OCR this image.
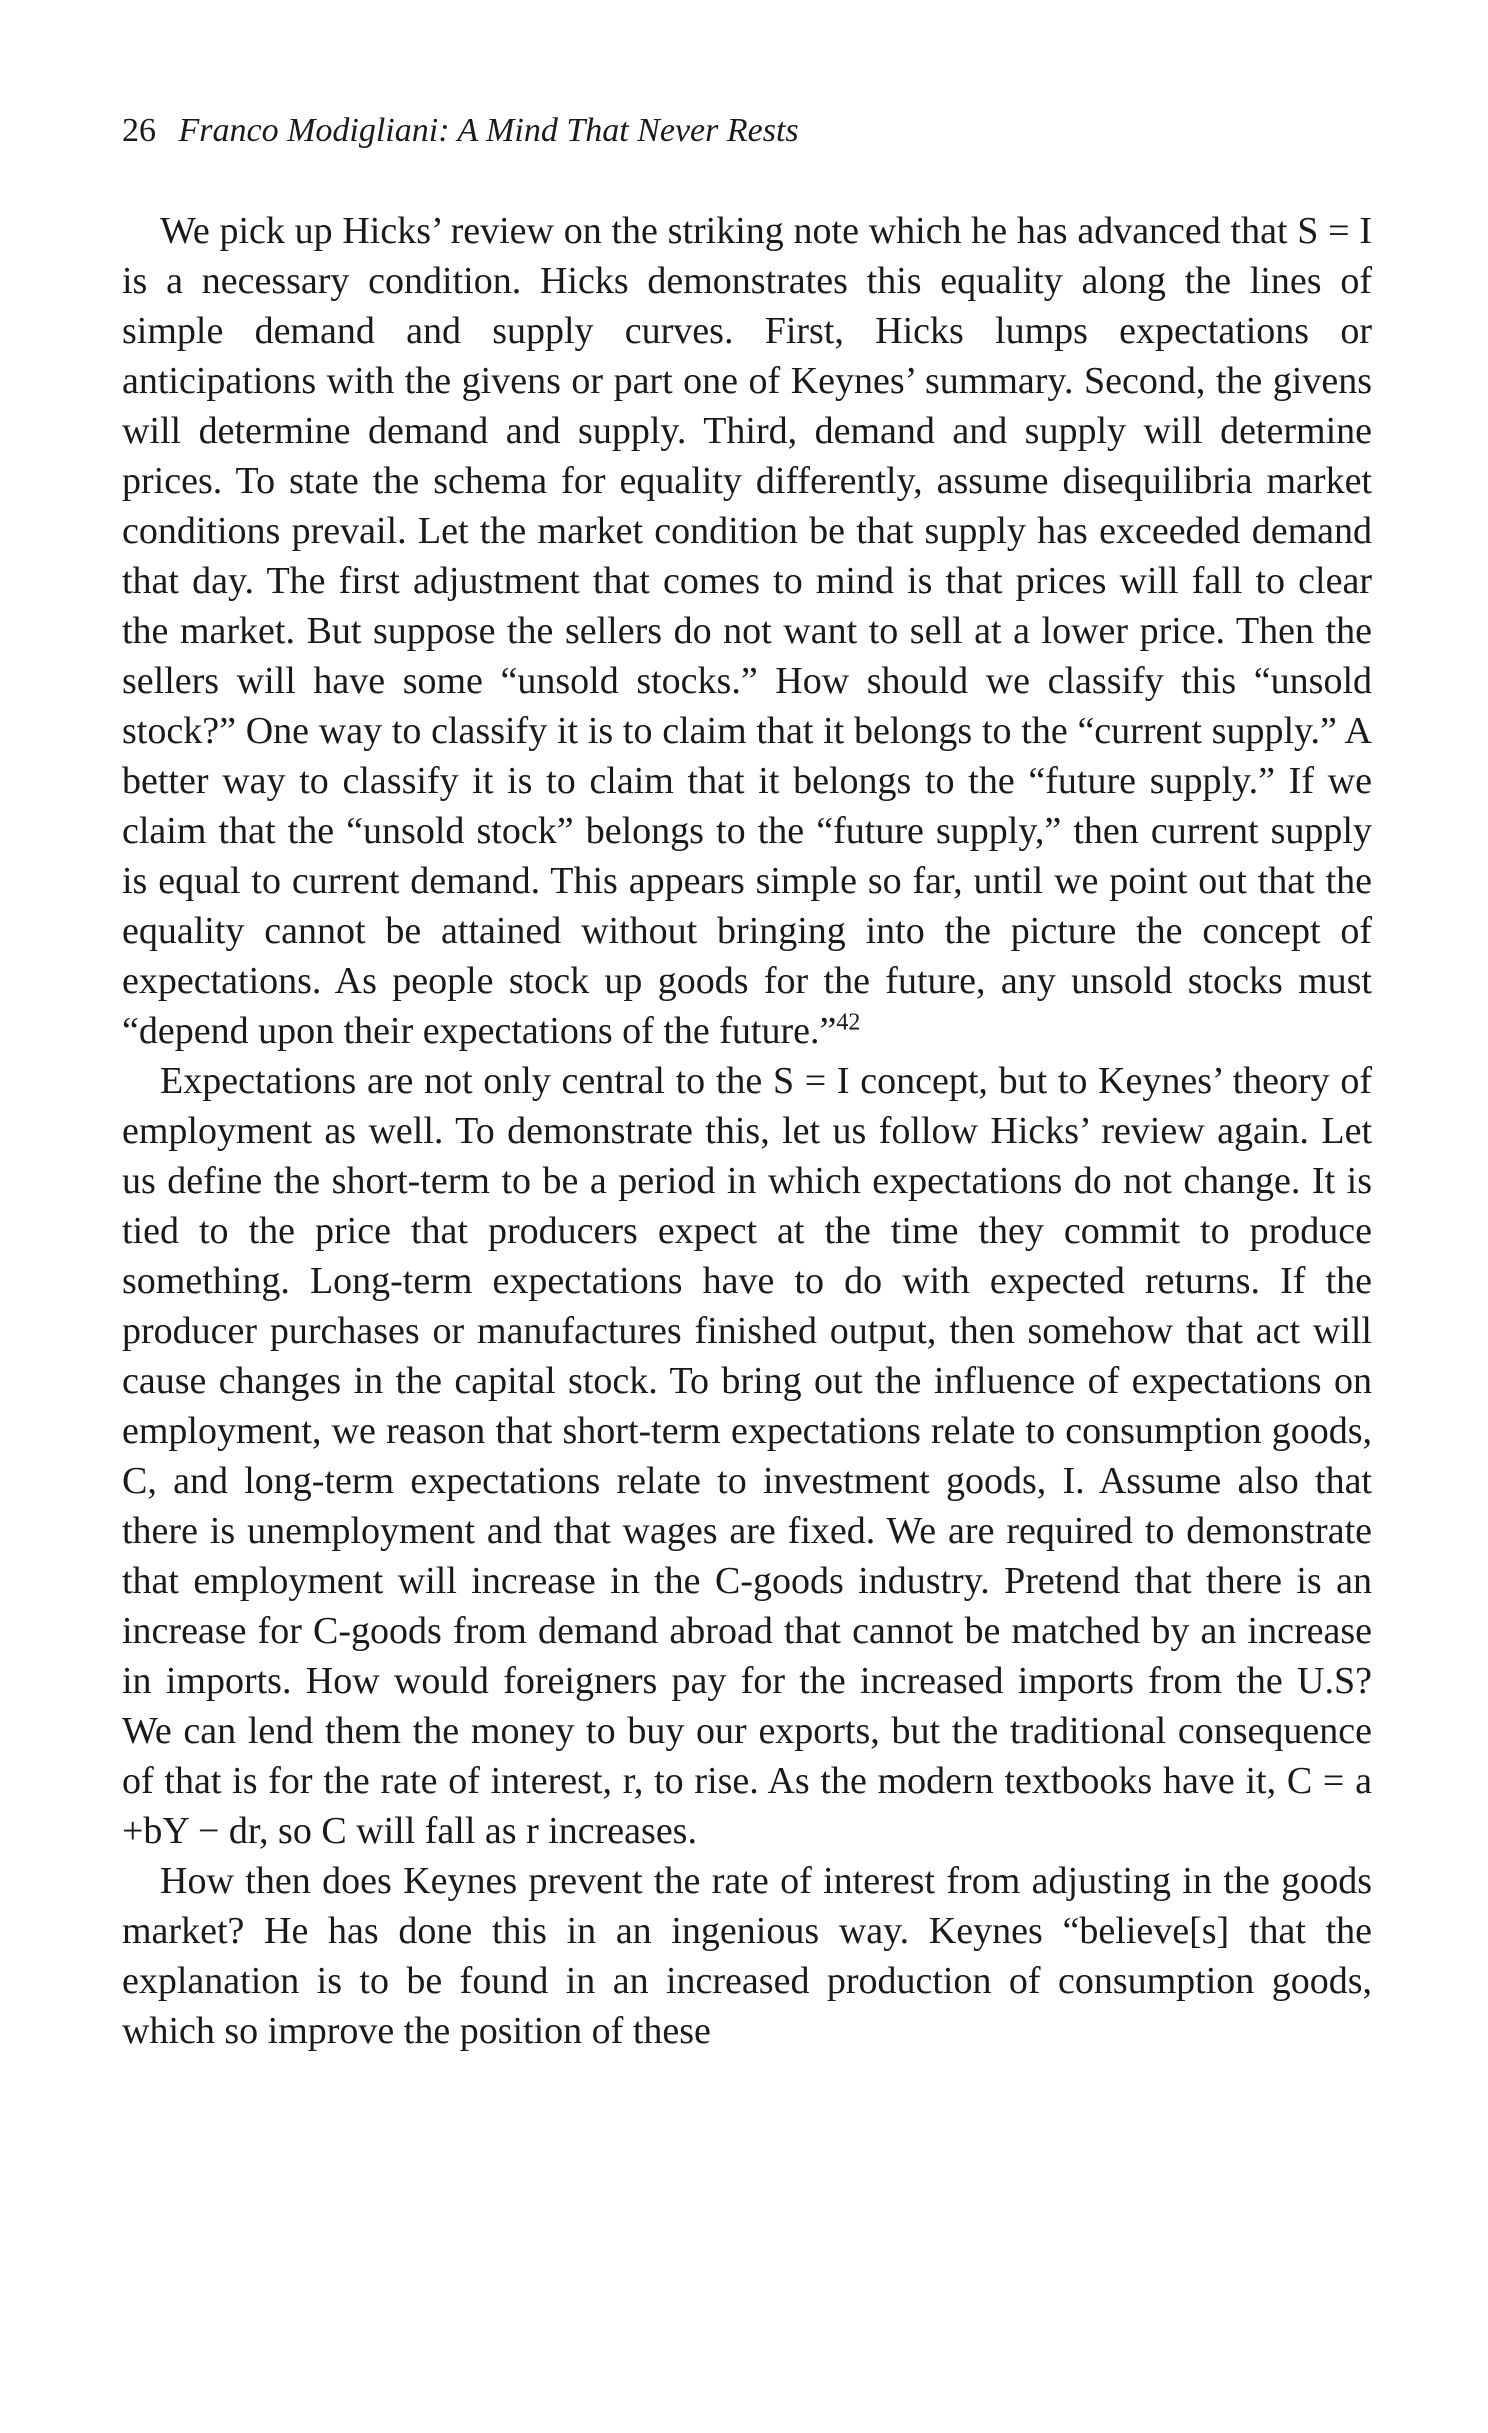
26 Franco Modigliani: A Mind That Never Rests

We pick up Hicks’ review on the striking note which he has advanced that S = I is a necessary condition. Hicks demonstrates this equality along the lines of simple demand and supply curves. First, Hicks lumps expectations or anticipations with the givens or part one of Keynes’ summary. Second, the givens will determine demand and supply. Third, demand and supply will determine prices. To state the schema for equality differently, assume disequilibria market conditions prevail. Let the market condition be that supply has exceeded demand that day. The first adjustment that comes to mind is that prices will fall to clear the market. But suppose the sellers do not want to sell at a lower price. Then the sellers will have some “unsold stocks.” How should we classify this “unsold stock?” One way to classify it is to claim that it belongs to the “current supply.” A better way to classify it is to claim that it belongs to the “future supply.” If we claim that the “unsold stock” belongs to the “future supply,” then current supply is equal to current demand. This appears simple so far, until we point out that the equality cannot be attained without bringing into the picture the concept of expectations. As people stock up goods for the future, any unsold stocks must “depend upon their expectations of the future.”$^{42}$

Expectations are not only central to the S = I concept, but to Keynes’ theory of employment as well. To demonstrate this, let us follow Hicks’ review again. Let us define the short-term to be a period in which expectations do not change. It is tied to the price that producers expect at the time they commit to produce something. Long-term expectations have to do with expected returns. If the producer purchases or manufactures finished output, then somehow that act will cause changes in the capital stock. To bring out the influence of expectations on employment, we reason that short-term expectations relate to consumption goods, C, and long-term expectations relate to investment goods, I. Assume also that there is unemployment and that wages are fixed. We are required to demonstrate that employment will increase in the C-goods industry. Pretend that there is an increase for C-goods from demand abroad that cannot be matched by an increase in imports. How would foreigners pay for the increased imports from the U.S? We can lend them the money to buy our exports, but the traditional consequence of that is for the rate of interest, r, to rise. As the modern textbooks have it, C = a +bY − dr, so C will fall as r increases.

How then does Keynes prevent the rate of interest from adjusting in the goods market? He has done this in an ingenious way. Keynes “believe[s] that the explanation is to be found in an increased production of consumption goods, which so improve the position of these
